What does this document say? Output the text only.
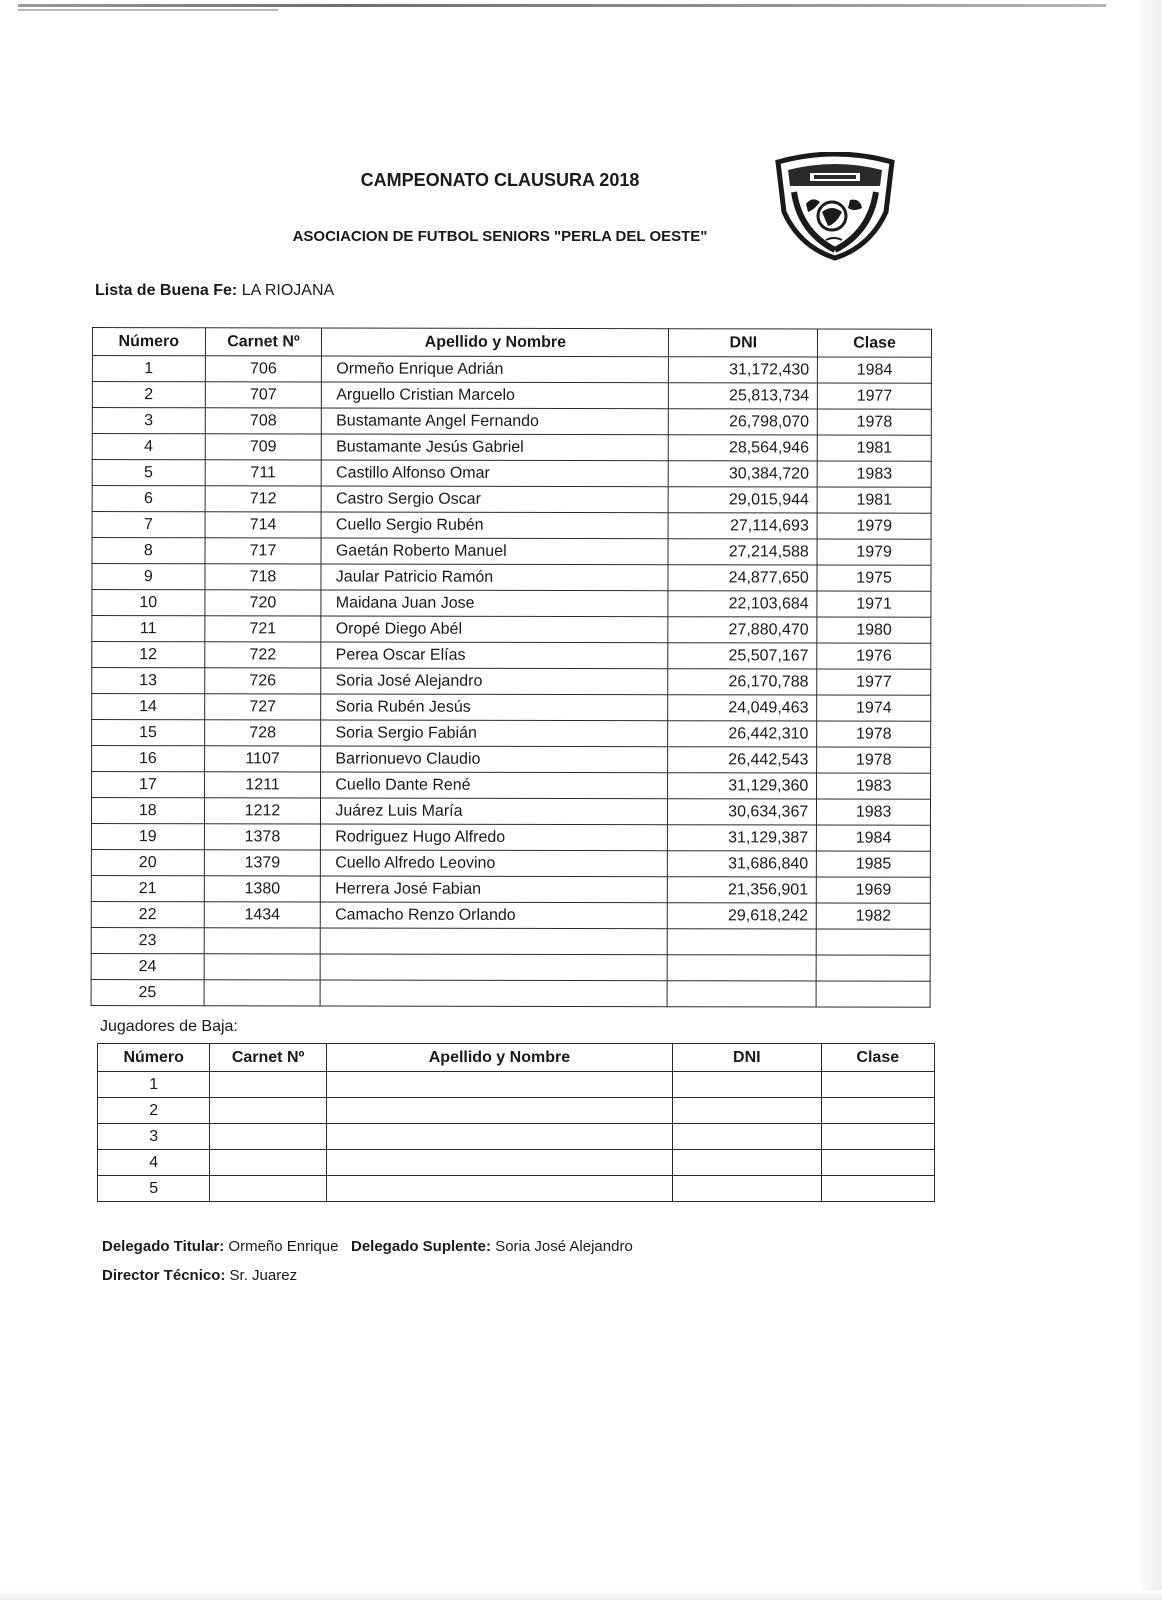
CAMPEONATO CLAUSURA 2018
ASOCIACION DE FUTBOL SENIORS "PERLA DEL OESTE"
Lista de Buena Fe: LA RIOJANA
Número	Carnet Nº	Apellido y Nombre	DNI	Clase
1	706	Ormeño Enrique Adrián	31,172,430	1984
2	707	Arguello Cristian Marcelo	25,813,734	1977
3	708	Bustamante Angel Fernando	26,798,070	1978
4	709	Bustamante Jesús Gabriel	28,564,946	1981
5	711	Castillo Alfonso Omar	30,384,720	1983
6	712	Castro Sergio Oscar	29,015,944	1981
7	714	Cuello Sergio Rubén	27,114,693	1979
8	717	Gaetán Roberto Manuel	27,214,588	1979
9	718	Jaular Patricio Ramón	24,877,650	1975
10	720	Maidana Juan Jose	22,103,684	1971
11	721	Oropé Diego Abél	27,880,470	1980
12	722	Perea Oscar Elías	25,507,167	1976
13	726	Soria José Alejandro	26,170,788	1977
14	727	Soria Rubén Jesús	24,049,463	1974
15	728	Soria Sergio Fabián	26,442,310	1978
16	1107	Barrionuevo Claudio	26,442,543	1978
17	1211	Cuello Dante René	31,129,360	1983
18	1212	Juárez Luis María	30,634,367	1983
19	1378	Rodriguez Hugo Alfredo	31,129,387	1984
20	1379	Cuello Alfredo Leovino	31,686,840	1985
21	1380	Herrera José Fabian	21,356,901	1969
22	1434	Camacho Renzo Orlando	29,618,242	1982
23				
24				
25				
Jugadores de Baja:
Número	Carnet Nº	Apellido y Nombre	DNI	Clase
1				
2				
3				
4				
5				
Delegado Titular: Ormeño Enrique Delegado Suplente: Soria José Alejandro
Director Técnico: Sr. Juarez
